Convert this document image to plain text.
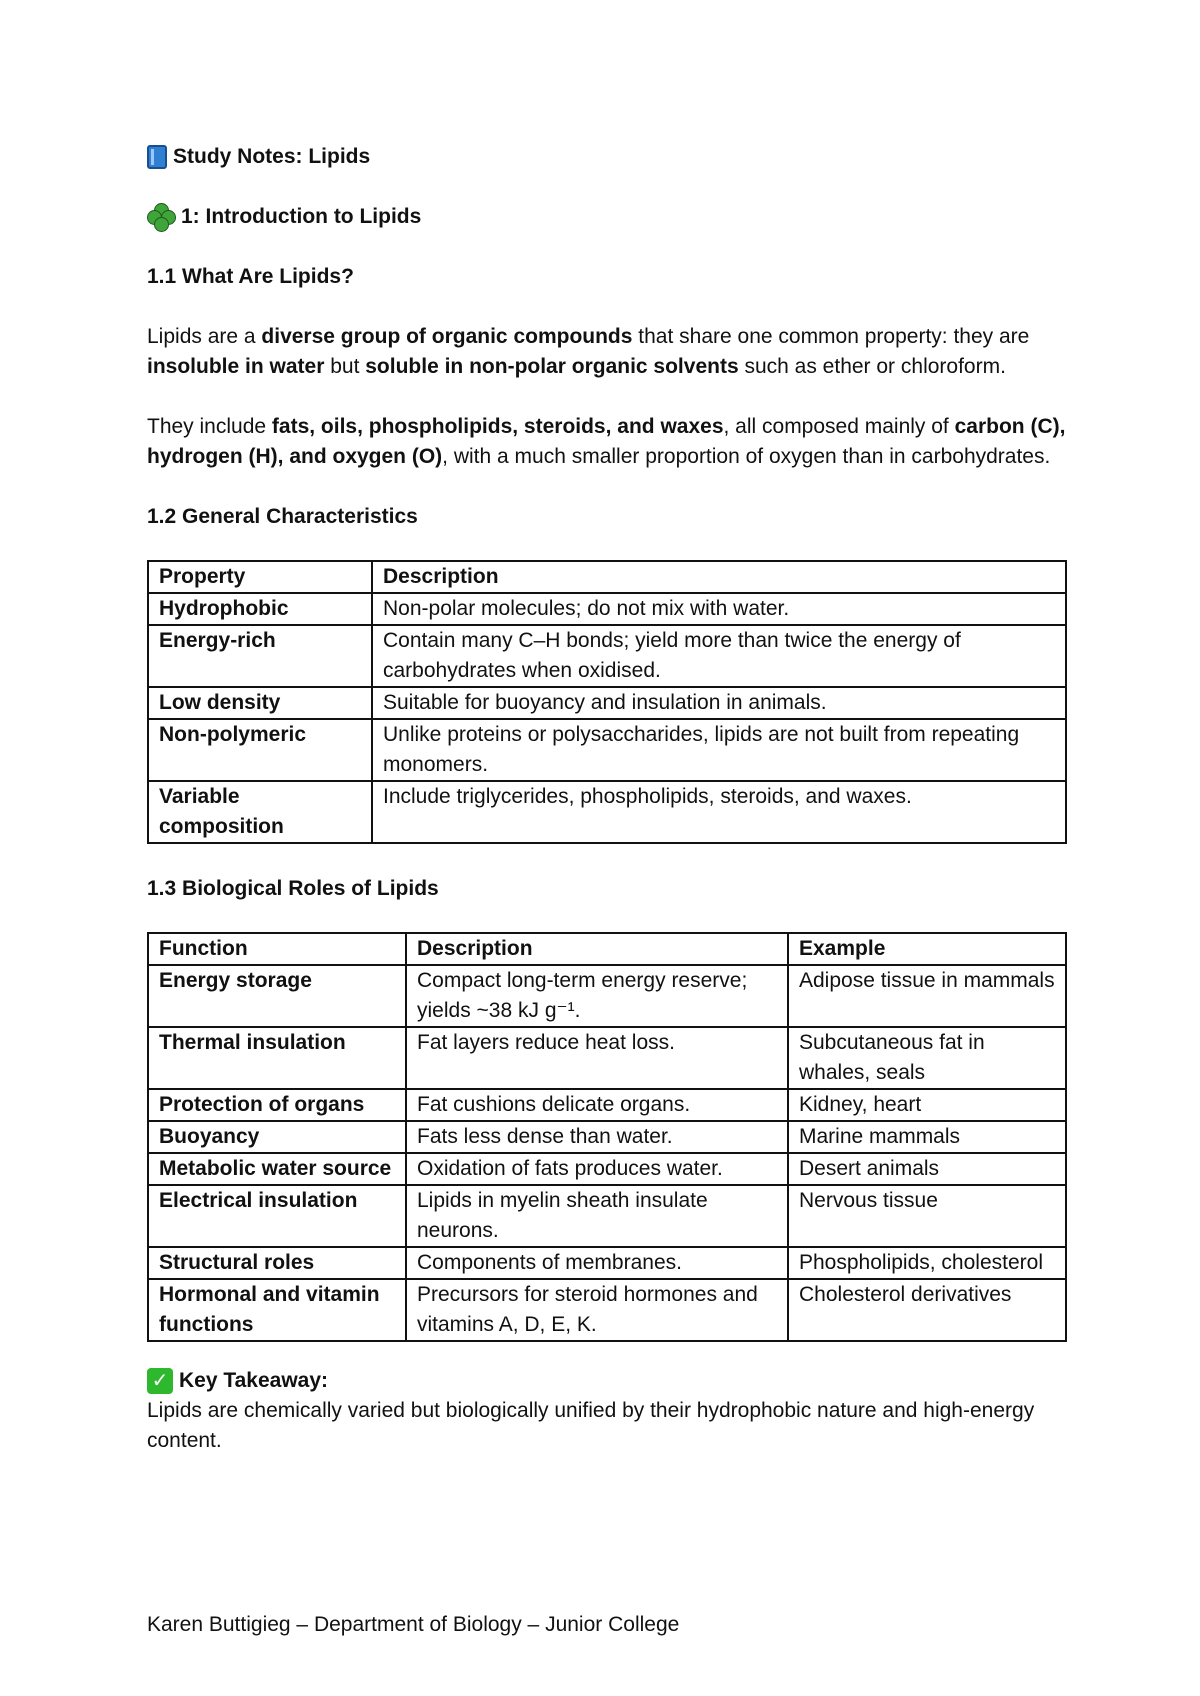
Study Notes: Lipids
1: Introduction to Lipids

1.1 What Are Lipids?

Lipids are a diverse group of organic compounds that share one common property: they are insoluble in water but soluble in non-polar organic solvents such as ether or chloroform.

They include fats, oils, phospholipids, steroids, and waxes, all composed mainly of carbon (C), hydrogen (H), and oxygen (O), with a much smaller proportion of oxygen than in carbohydrates.

1.2 General Characteristics

Property	Description
Hydrophobic	Non-polar molecules; do not mix with water.
Energy-rich	Contain many C–H bonds; yield more than twice the energy of carbohydrates when oxidised.
Low density	Suitable for buoyancy and insulation in animals.
Non-polymeric	Unlike proteins or polysaccharides, lipids are not built from repeating monomers.
Variable composition	Include triglycerides, phospholipids, steroids, and waxes.

1.3 Biological Roles of Lipids

Function	Description	Example
Energy storage	Compact long-term energy reserve; yields ~38 kJ g⁻¹.	Adipose tissue in mammals
Thermal insulation	Fat layers reduce heat loss.	Subcutaneous fat in whales, seals
Protection of organs	Fat cushions delicate organs.	Kidney, heart
Buoyancy	Fats less dense than water.	Marine mammals
Metabolic water source	Oxidation of fats produces water.	Desert animals
Electrical insulation	Lipids in myelin sheath insulate neurons.	Nervous tissue
Structural roles	Components of membranes.	Phospholipids, cholesterol
Hormonal and vitamin functions	Precursors for steroid hormones and vitamins A, D, E, K.	Cholesterol derivatives
✓ Key Takeaway:

Lipids are chemically varied but biologically unified by their hydrophobic nature and high-energy content.

Karen Buttigieg – Department of Biology – Junior College
